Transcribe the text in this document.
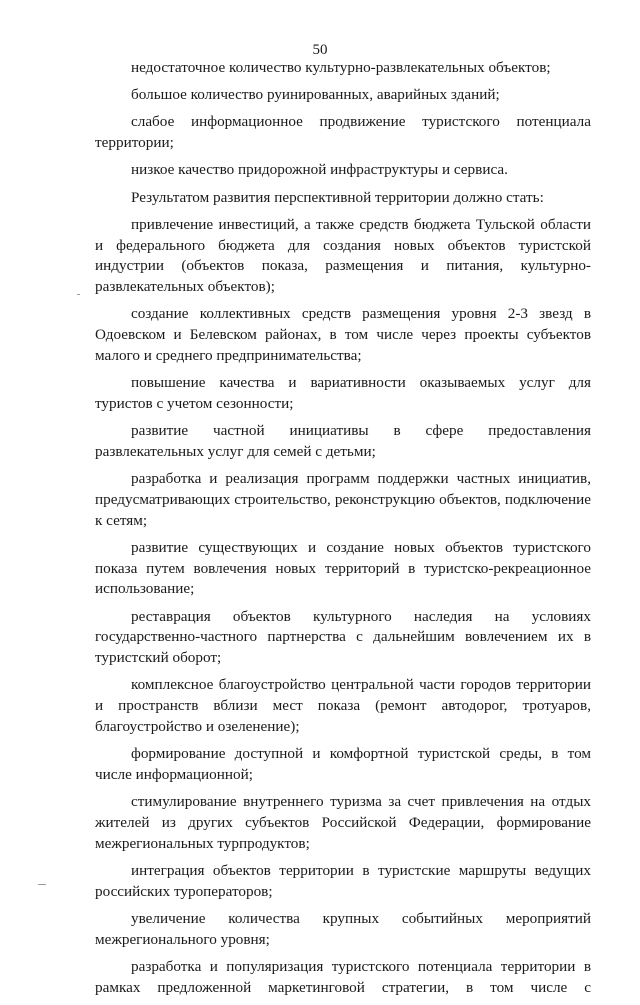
50

недостаточное количество культурно-развлекательных объектов;

большое количество руинированных, аварийных зданий;

слабое информационное продвижение туристского потенциала территории;

низкое качество придорожной инфраструктуры и сервиса.

Результатом развития перспективной территории должно стать:

привлечение инвестиций, а также средств бюджета Тульской области и федерального бюджета для создания новых объектов туристской индустрии (объектов показа, размещения и питания, культурно-развлекательных объектов);

создание коллективных средств размещения уровня 2-3 звезд в Одоевском и Белевском районах, в том числе через проекты субъектов малого и среднего предпринимательства;

повышение качества и вариативности оказываемых услуг для туристов с учетом сезонности;

развитие частной инициативы в сфере предоставления развлекательных услуг для семей с детьми;

разработка и реализация программ поддержки частных инициатив, предусматривающих строительство, реконструкцию объектов, подключение к сетям;

развитие существующих и создание новых объектов туристского показа путем вовлечения новых территорий в туристско-рекреационное использование;

реставрация объектов культурного наследия на условиях государственно-частного партнерства с дальнейшим вовлечением их в туристский оборот;

комплексное благоустройство центральной части городов территории и пространств вблизи мест показа (ремонт автодорог, тротуаров, благоустройство и озеленение);

формирование доступной и комфортной туристской среды, в том числе информационной;

стимулирование внутреннего туризма за счет привлечения на отдых жителей из других субъектов Российской Федерации, формирование межрегиональных турпродуктов;

интеграция объектов территории в туристские маршруты ведущих российских туроператоров;

увеличение количества крупных событийных мероприятий межрегионального уровня;

разработка и популяризация туристского потенциала территории в рамках предложенной маркетинговой стратегии, в том числе с
